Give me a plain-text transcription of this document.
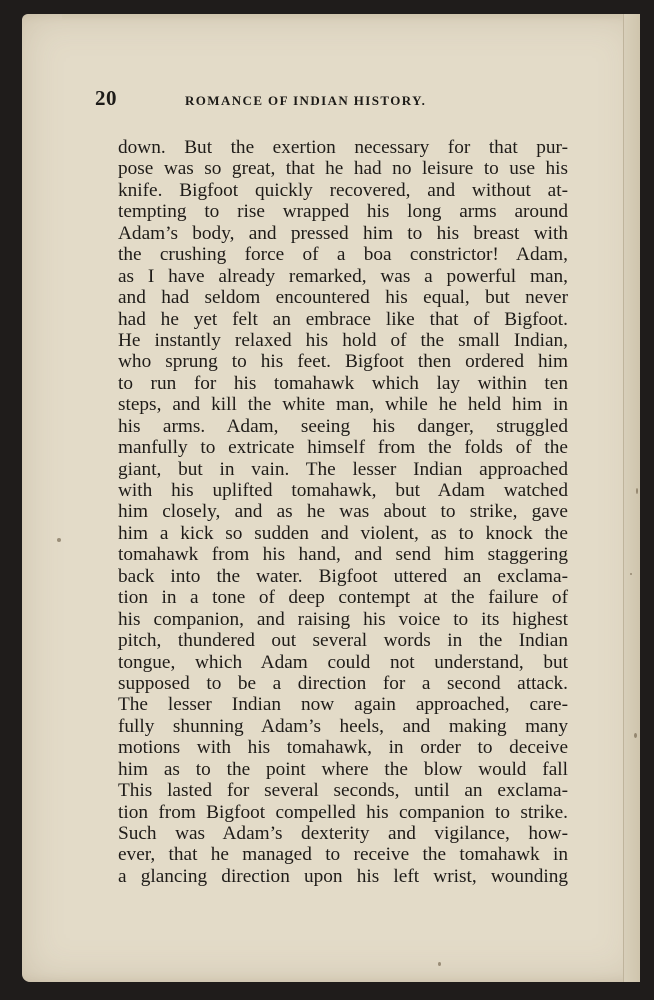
20	ROMANCE OF INDIAN HISTORY.
down. But the exertion necessary for that pur-
pose was so great, that he had no leisure to use his
knife. Bigfoot quickly recovered, and without at-
tempting to rise wrapped his long arms around
Adam’s body, and pressed him to his breast with
the crushing force of a boa constrictor! Adam,
as I have already remarked, was a powerful man,
and had seldom encountered his equal, but never
had he yet felt an embrace like that of Bigfoot.
He instantly relaxed his hold of the small Indian,
who sprung to his feet. Bigfoot then ordered him
to run for his tomahawk which lay within ten
steps, and kill the white man, while he held him in
his arms. Adam, seeing his danger, struggled
manfully to extricate himself from the folds of the
giant, but in vain. The lesser Indian approached
with his uplifted tomahawk, but Adam watched
him closely, and as he was about to strike, gave
him a kick so sudden and violent, as to knock the
tomahawk from his hand, and send him staggering
back into the water. Bigfoot uttered an exclama-
tion in a tone of deep contempt at the failure of
his companion, and raising his voice to its highest
pitch, thundered out several words in the Indian
tongue, which Adam could not understand, but
supposed to be a direction for a second attack.
The lesser Indian now again approached, care-
fully shunning Adam’s heels, and making many
motions with his tomahawk, in order to deceive
him as to the point where the blow would fall
This lasted for several seconds, until an exclama-
tion from Bigfoot compelled his companion to strike.
Such was Adam’s dexterity and vigilance, how-
ever, that he managed to receive the tomahawk in
a glancing direction upon his left wrist, wounding
